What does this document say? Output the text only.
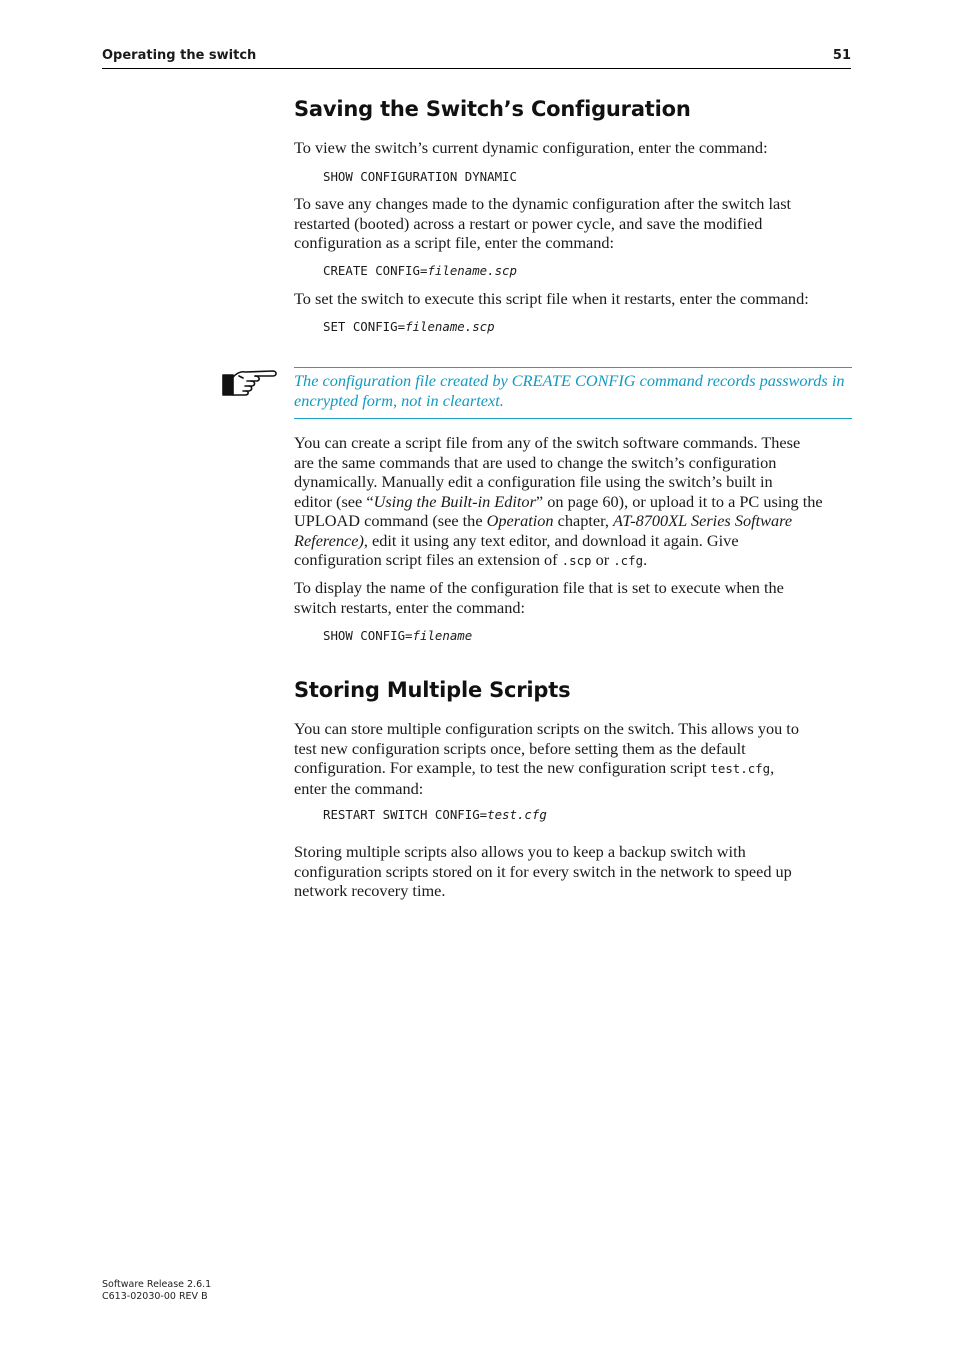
Operating the switch	51
Saving the Switch’s Configuration

To view the switch’s current dynamic configuration, enter the command:

SHOW CONFIGURATION DYNAMIC

To save any changes made to the dynamic configuration after the switch last

restarted (booted) across a restart or power cycle, and save the modified

configuration as a script file, enter the command:

CREATE CONFIG=filename.scp

To set the switch to execute this script file when it restarts, enter the command:

SET CONFIG=filename.scp
The configuration file created by CREATE CONFIG command records passwords in
encrypted form, not in cleartext.

You can create a script file from any of the switch software commands. These

are the same commands that are used to change the switch’s configuration

dynamically. Manually edit a configuration file using the switch’s built in

editor (see “Using the Built-in Editor” on page 60), or upload it to a PC using the

UPLOAD command (see the Operation chapter, AT-8700XL Series Software

Reference), edit it using any text editor, and download it again. Give

configuration script files an extension of .scp or .cfg.

To display the name of the configuration file that is set to execute when the

switch restarts, enter the command:

SHOW CONFIG=filename
Storing Multiple Scripts

You can store multiple configuration scripts on the switch. This allows you to

test new configuration scripts once, before setting them as the default

configuration. For example, to test the new configuration script test.cfg,

enter the command:

RESTART SWITCH CONFIG=test.cfg

Storing multiple scripts also allows you to keep a backup switch with

configuration scripts stored on it for every switch in the network to speed up

network recovery time.

Software Release 2.6.1
C613-02030-00 REV B
